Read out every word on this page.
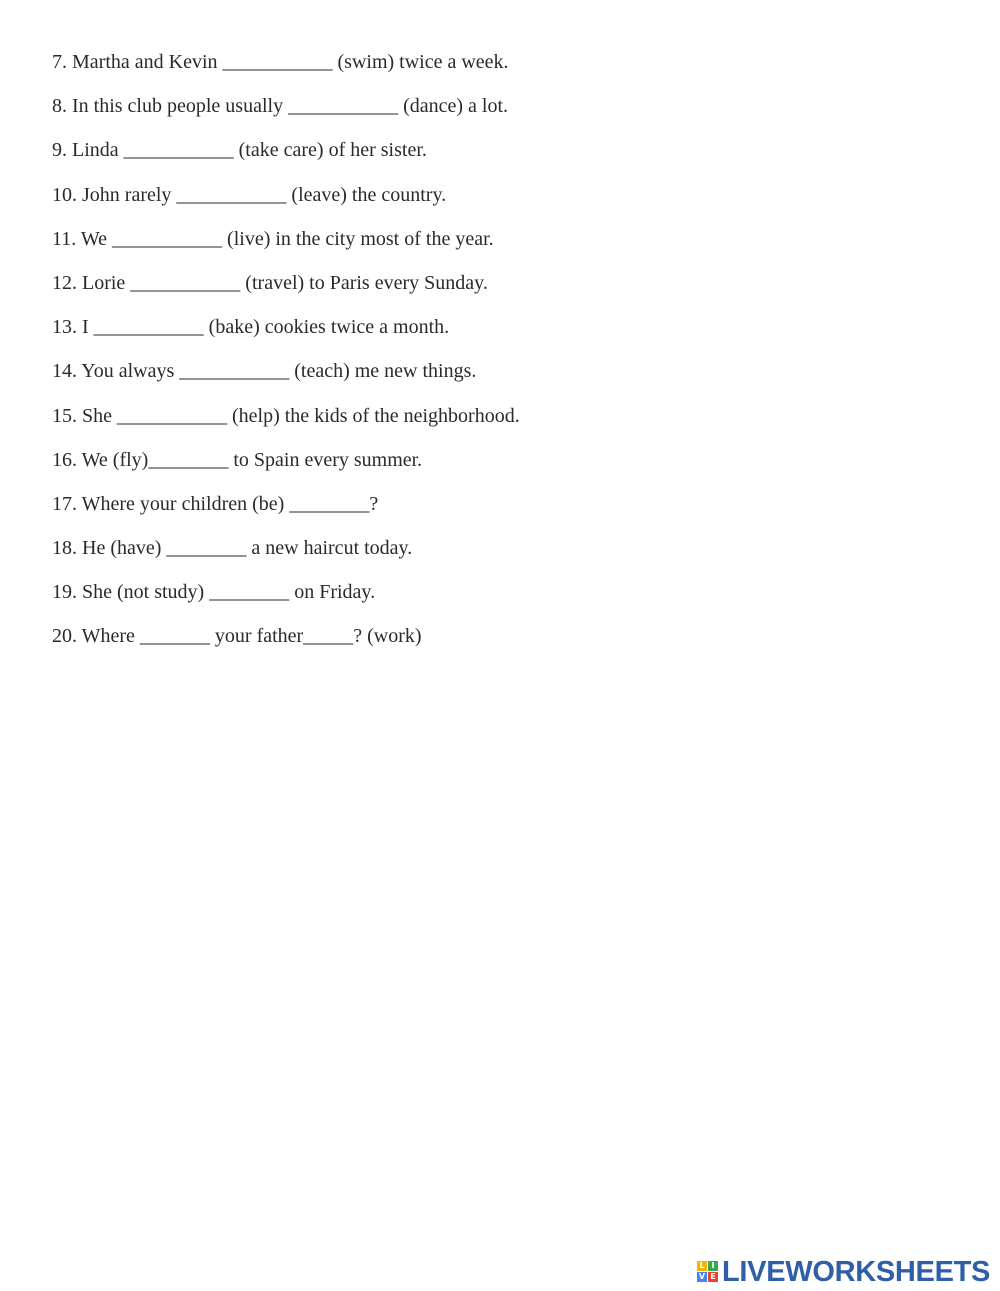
7. Martha and Kevin ___________ (swim) twice a week.
8. In this club people usually ___________ (dance) a lot.
9. Linda ___________ (take care) of her sister.
10. John rarely ___________ (leave) the country.
11. We ___________ (live) in the city most of the year.
12. Lorie ___________ (travel) to Paris every Sunday.
13. I ___________ (bake) cookies twice a month.
14. You always ___________ (teach) me new things.
15. She ___________ (help) the kids of the neighborhood.
16. We (fly)________ to Spain every summer.
17. Where your children (be) ________?
18. He (have) ________ a new haircut today.
19. She (not study) ________ on Friday.
20. Where _______ your father_____? (work)
L I
V E LIVEWORKSHEETS
